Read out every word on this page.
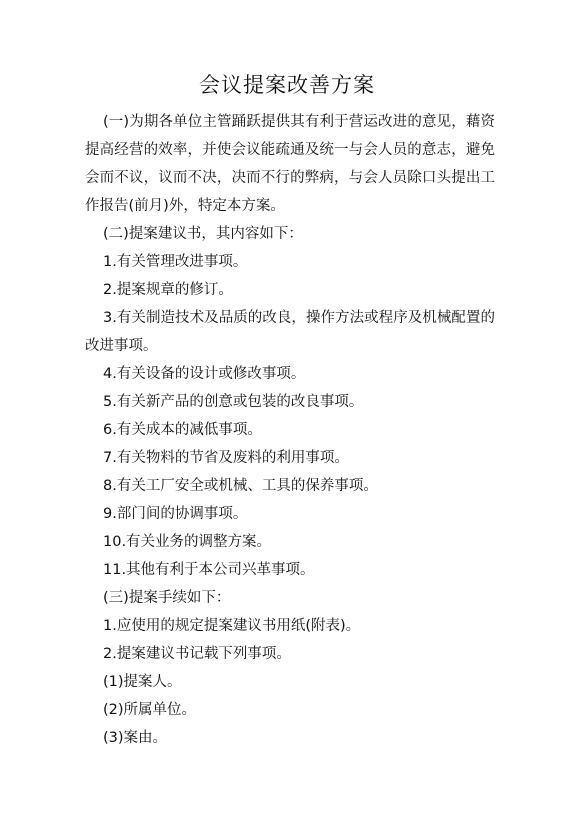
会议提案改善方案

(一)为期各单位主管踊跃提供其有利于营运改进的意见，藉资提高经营的效率，并使会议能疏通及统一与会人员的意志，避免会而不议，议而不决，决而不行的弊病，与会人员除口头提出工作报告(前月)外，特定本方案。

(二)提案建议书，其内容如下：

1.有关管理改进事项。

2.提案规章的修订。

3.有关制造技术及品质的改良，操作方法或程序及机械配置的改进事项。

4.有关设备的设计或修改事项。

5.有关新产品的创意或包装的改良事项。

6.有关成本的减低事项。

7.有关物料的节省及废料的利用事项。

8.有关工厂安全或机械、工具的保养事项。

9.部门间的协调事项。

10.有关业务的调整方案。

11.其他有利于本公司兴革事项。

(三)提案手续如下：

1.应使用的规定提案建议书用纸(附表)。

2.提案建议书记载下列事项。

(1)提案人。

(2)所属单位。

(3)案由。
